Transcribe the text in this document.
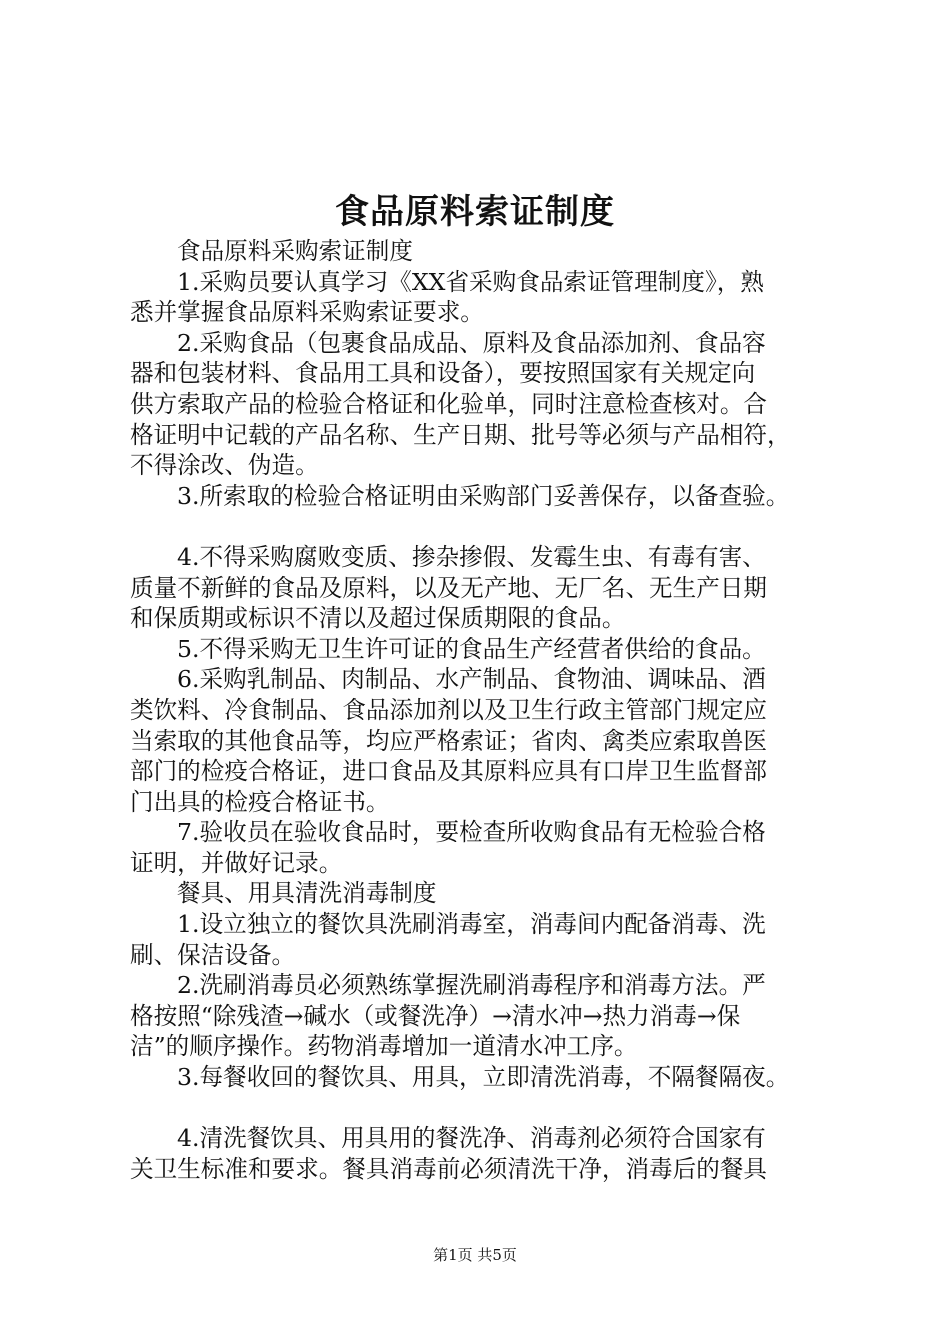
食品原料索证制度
食品原料采购索证制度
1.采购员要认真学习《XX省采购食品索证管理制度》，熟
悉并掌握食品原料采购索证要求。
2.采购食品（包裹食品成品、原料及食品添加剂、食品容
器和包装材料、食品用工具和设备），要按照国家有关规定向
供方索取产品的检验合格证和化验单，同时注意检查核对。合
格证明中记载的产品名称、生产日期、批号等必须与产品相符，
不得涂改、伪造。
3.所索取的检验合格证明由采购部门妥善保存，以备查验。
4.不得采购腐败变质、掺杂掺假、发霉生虫、有毒有害、
质量不新鲜的食品及原料，以及无产地、无厂名、无生产日期
和保质期或标识不清以及超过保质期限的食品。
5.不得采购无卫生许可证的食品生产经营者供给的食品。
6.采购乳制品、肉制品、水产制品、食物油、调味品、酒
类饮料、冷食制品、食品添加剂以及卫生行政主管部门规定应
当索取的其他食品等，均应严格索证；省肉、禽类应索取兽医
部门的检疫合格证，进口食品及其原料应具有口岸卫生监督部
门出具的检疫合格证书。
7.验收员在验收食品时，要检查所收购食品有无检验合格
证明，并做好记录。
餐具、用具清洗消毒制度
1.设立独立的餐饮具洗刷消毒室，消毒间内配备消毒、洗
刷、保洁设备。
2.洗刷消毒员必须熟练掌握洗刷消毒程序和消毒方法。严
格按照“除残渣→碱水（或餐洗净）→清水冲→热力消毒→保
洁”的顺序操作。药物消毒增加一道清水冲工序。
3.每餐收回的餐饮具、用具，立即清洗消毒，不隔餐隔夜。
4.清洗餐饮具、用具用的餐洗净、消毒剂必须符合国家有
关卫生标准和要求。餐具消毒前必须清洗干净，消毒后的餐具
第1页 共5页
